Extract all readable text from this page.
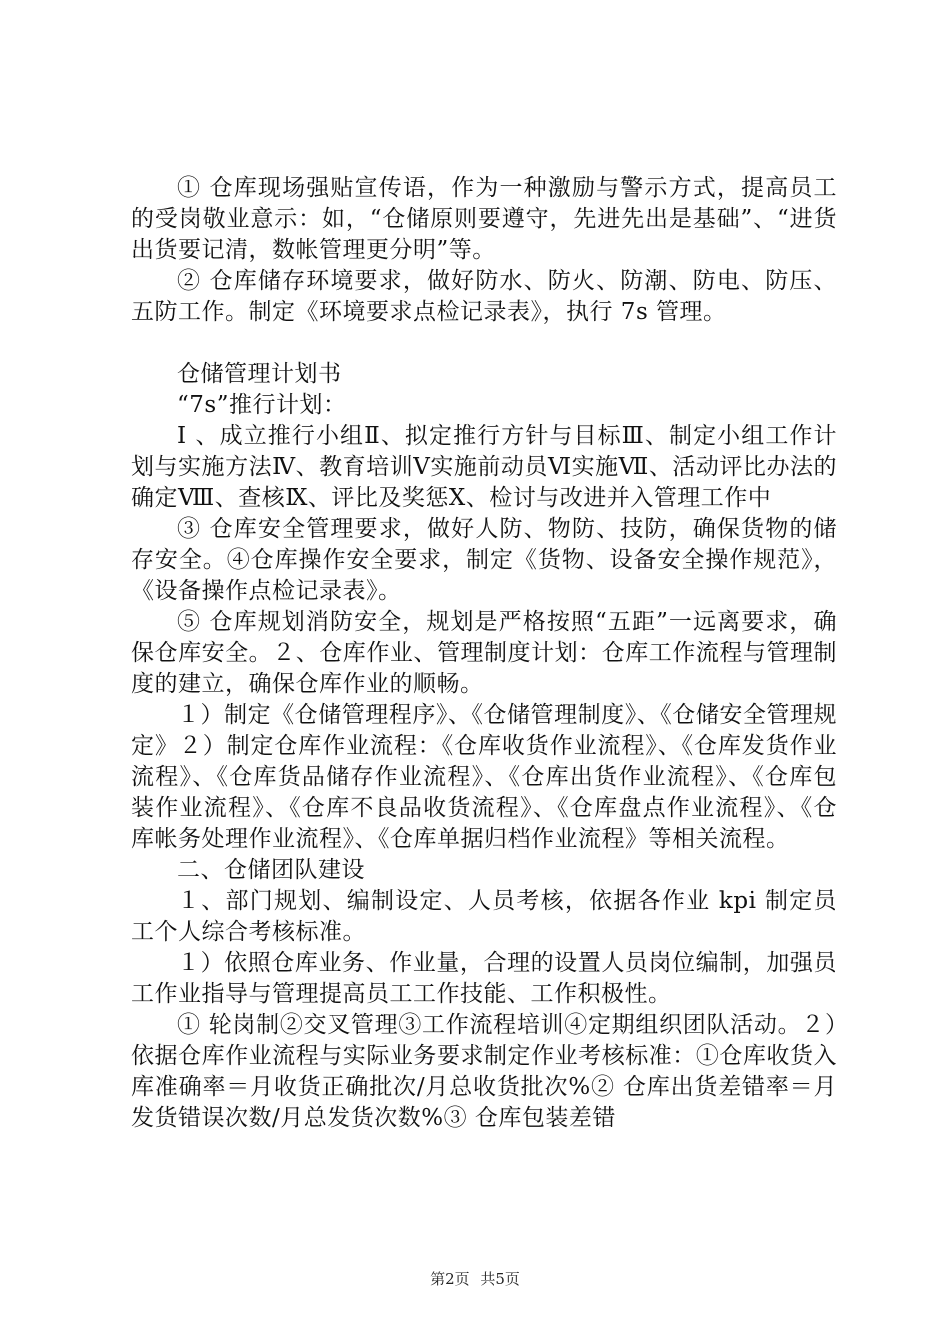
① 仓库现场强贴宣传语，作为一种激励与警示方式，提高员工的受岗敬业意示：如，“仓储原则要遵守，先进先出是基础”、“进货出货要记清，数帐管理更分明”等。

② 仓库储存环境要求，做好防水、防火、防潮、防电、防压、五防工作。制定《环境要求点检记录表》，执行 7s 管理。

仓储管理计划书

“7s”推行计划：

Ⅰ 、成立推行小组Ⅱ、拟定推行方针与目标Ⅲ、制定小组工作计划与实施方法Ⅳ、教育培训Ⅴ实施前动员Ⅵ实施Ⅶ、活动评比办法的确定Ⅷ、查核Ⅸ、评比及奖惩Ⅹ、检讨与改进并入管理工作中

③ 仓库安全管理要求，做好人防、物防、技防，确保货物的储存安全。④仓库操作安全要求，制定《货物、设备安全操作规范》，《设备操作点检记录表》。

⑤ 仓库规划消防安全，规划是严格按照“五距”一远离要求，确保仓库安全。２、仓库作业、管理制度计划：仓库工作流程与管理制度的建立，确保仓库作业的顺畅。

１）制定《仓储管理程序》、《仓储管理制度》、《仓储安全管理规定》２）制定仓库作业流程：《仓库收货作业流程》、《仓库发货作业流程》、《仓库货品储存作业流程》、《仓库出货作业流程》、《仓库包装作业流程》、《仓库不良品收货流程》、《仓库盘点作业流程》、《仓库帐务处理作业流程》、《仓库单据归档作业流程》等相关流程。

二、仓储团队建设

１、部门规划、编制设定、人员考核，依据各作业 kpi 制定员工个人综合考核标准。

１）依照仓库业务、作业量，合理的设置人员岗位编制，加强员工作业指导与管理提高员工工作技能、工作积极性。

① 轮岗制②交叉管理③工作流程培训④定期组织团队活动。２）依据仓库作业流程与实际业务要求制定作业考核标准：①仓库收货入库准确率＝月收货正确批次/月总收货批次%② 仓库出货差错率＝月发货错误次数/月总发货次数%③ 仓库包装差错

第2页 共5页
